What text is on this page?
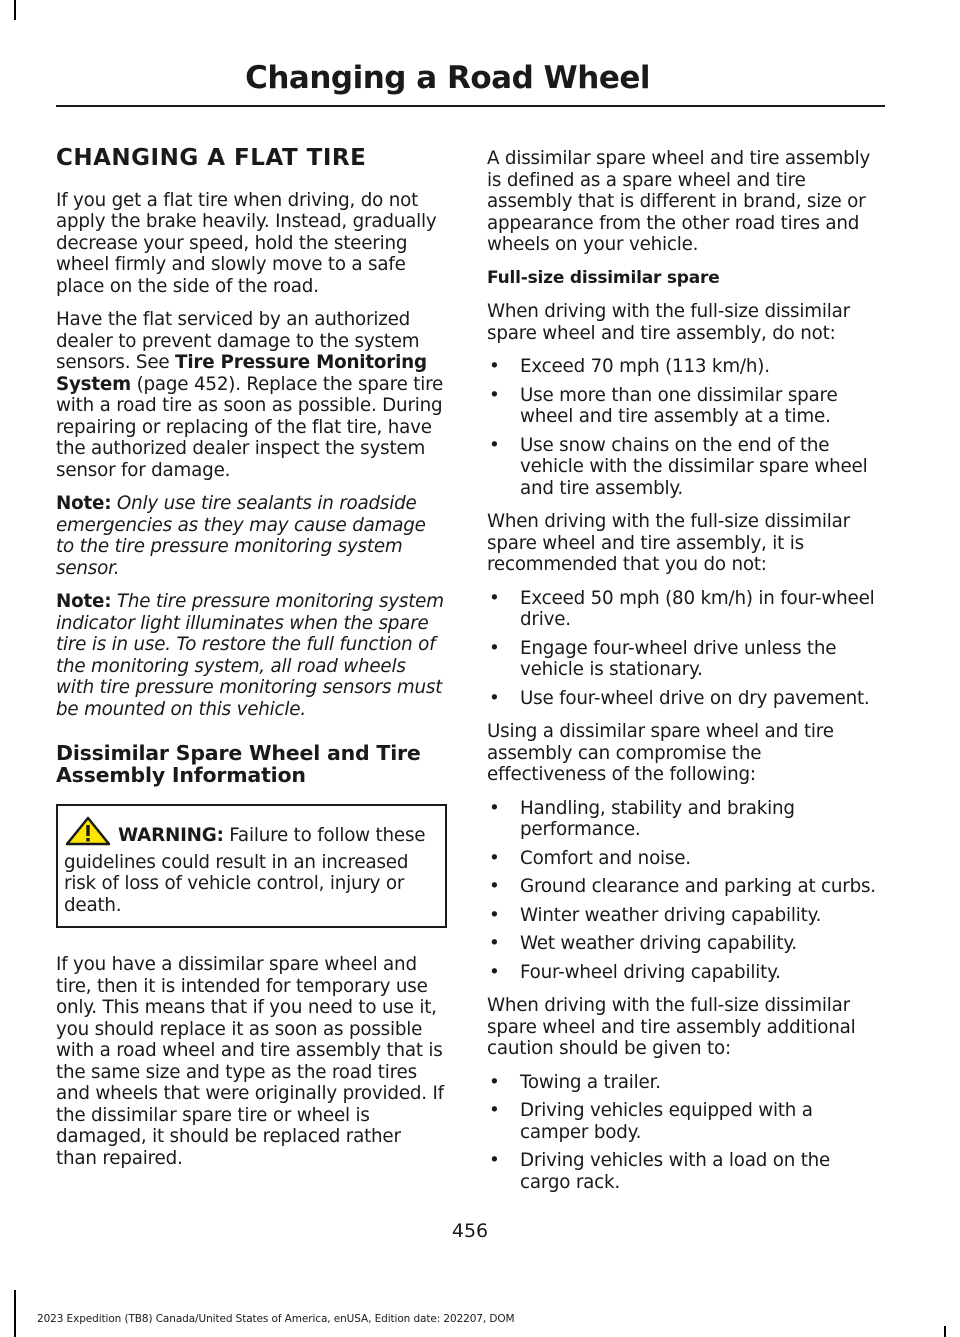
Changing a Road Wheel
CHANGING A FLAT TIRE

If you get a flat tire when driving, do not apply the brake heavily. Instead, gradually decrease your speed, hold the steering wheel firmly and slowly move to a safe place on the side of the road.

Have the flat serviced by an authorized dealer to prevent damage to the system sensors. See Tire Pressure Monitoring System (page 452). Replace the spare tire with a road tire as soon as possible. During repairing or replacing of the flat tire, have the authorized dealer inspect the system sensor for damage.

Note: Only use tire sealants in roadside emergencies as they may cause damage to the tire pressure monitoring system sensor.

Note: The tire pressure monitoring system indicator light illuminates when the spare tire is in use. To restore the full function of the monitoring system, all road wheels with tire pressure monitoring sensors must be mounted on this vehicle.

Dissimilar Spare Wheel and Tire Assembly Information
WARNING: Failure to follow these guidelines could result in an increased risk of loss of vehicle control, injury or death.

If you have a dissimilar spare wheel and tire, then it is intended for temporary use only. This means that if you need to use it, you should replace it as soon as possible with a road wheel and tire assembly that is the same size and type as the road tires and wheels that were originally provided. If the dissimilar spare tire or wheel is damaged, it should be replaced rather than repaired.

A dissimilar spare wheel and tire assembly is defined as a spare wheel and tire assembly that is different in brand, size or appearance from the other road tires and wheels on your vehicle.

Full-size dissimilar spare

When driving with the full-size dissimilar spare wheel and tire assembly, do not:

• Exceed 70 mph (113 km/h).
• Use more than one dissimilar spare wheel and tire assembly at a time.
• Use snow chains on the end of the vehicle with the dissimilar spare wheel and tire assembly.

When driving with the full-size dissimilar spare wheel and tire assembly, it is recommended that you do not:

• Exceed 50 mph (80 km/h) in four-wheel drive.
• Engage four-wheel drive unless the vehicle is stationary.
• Use four-wheel drive on dry pavement.

Using a dissimilar spare wheel and tire assembly can compromise the effectiveness of the following:

• Handling, stability and braking performance.
• Comfort and noise.
• Ground clearance and parking at curbs.
• Winter weather driving capability.
• Wet weather driving capability.
• Four-wheel driving capability.

When driving with the full-size dissimilar spare wheel and tire assembly additional caution should be given to:

• Towing a trailer.
• Driving vehicles equipped with a camper body.
• Driving vehicles with a load on the cargo rack.
456
2023 Expedition (TB8) Canada/United States of America, enUSA, Edition date: 202207, DOM
